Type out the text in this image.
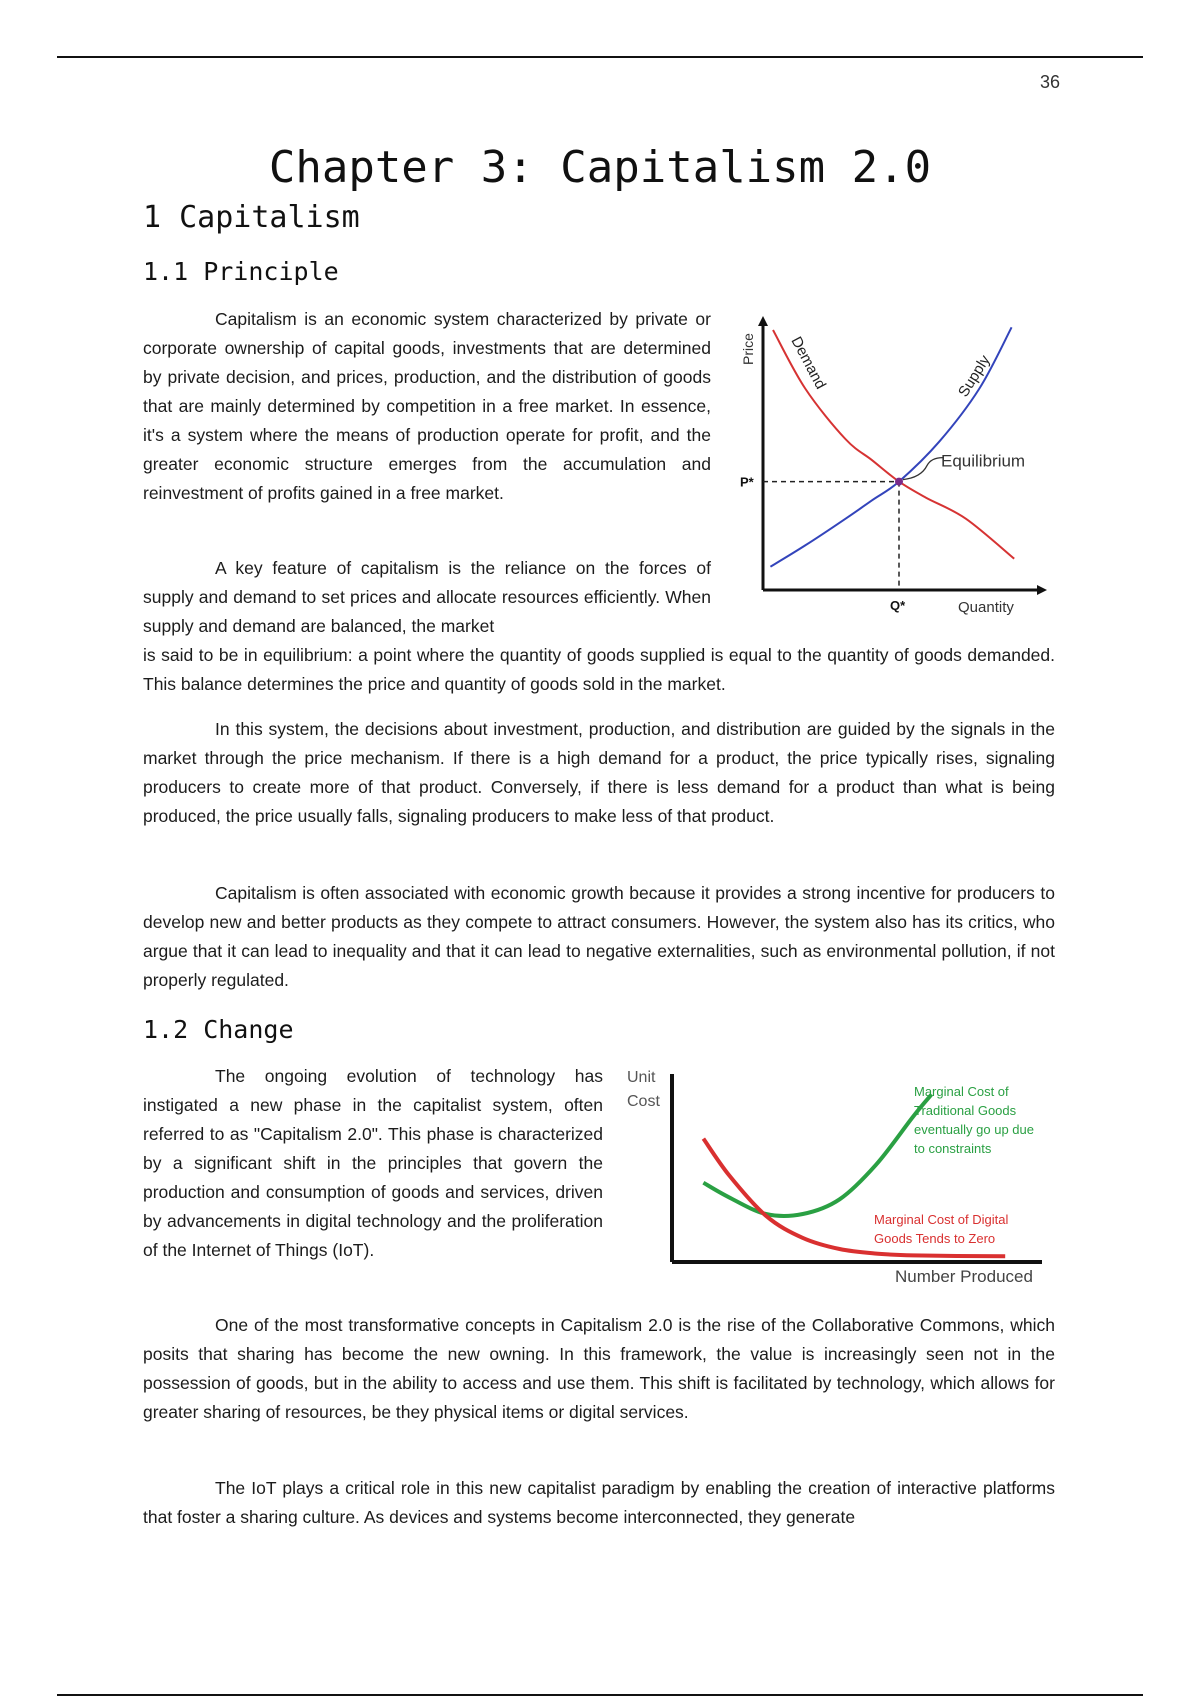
36
Chapter 3: Capitalism 2.0
1 Capitalism
1.1 Principle

Capitalism is an economic system characterized by private or corporate ownership of capital goods, investments that are determined by private decision, and prices, production, and the distribution of goods that are mainly determined by competition in a free market. In essence, it's a system where the means of production operate for profit, and the greater economic structure emerges from the accumulation and reinvestment of profits gained in a free market.

A key feature of capitalism is the reliance on the forces of supply and demand to set prices and allocate resources efficiently. When supply and demand are balanced, the market

is said to be in equilibrium: a point where the quantity of goods supplied is equal to the quantity of goods demanded. This balance determines the price and quantity of goods sold in the market.

In this system, the decisions about investment, production, and distribution are guided by the signals in the market through the price mechanism. If there is a high demand for a product, the price typically rises, signaling producers to create more of that product. Conversely, if there is less demand for a product than what is being produced, the price usually falls, signaling producers to make less of that product.

Capitalism is often associated with economic growth because it provides a strong incentive for producers to develop new and better products as they compete to attract consumers. However, the system also has its critics, who argue that it can lead to inequality and that it can lead to negative externalities, such as environmental pollution, if not properly regulated.

1.2 Change

The ongoing evolution of technology has instigated a new phase in the capitalist system, often referred to as "Capitalism 2.0". This phase is characterized by a significant shift in the principles that govern the production and consumption of goods and services, driven by advancements in digital technology and the proliferation of the Internet of Things (IoT).

One of the most transformative concepts in Capitalism 2.0 is the rise of the Collaborative Commons, which posits that sharing has become the new owning. In this framework, the value is increasingly seen not in the possession of goods, but in the ability to access and use them. This shift is facilitated by technology, which allows for greater sharing of resources, be they physical items or digital services.

The IoT plays a critical role in this new capitalist paradigm by enabling the creation of interactive platforms that foster a sharing culture. As devices and systems become interconnected, they generate

Equilibrium
P*
Q*	Quantity
Price Demand	Supply
Unit Cost
Number Produced
Marginal Cost of Traditional Goods eventually go up due to constraints
Marginal Cost of Digital Goods Tends to Zero
